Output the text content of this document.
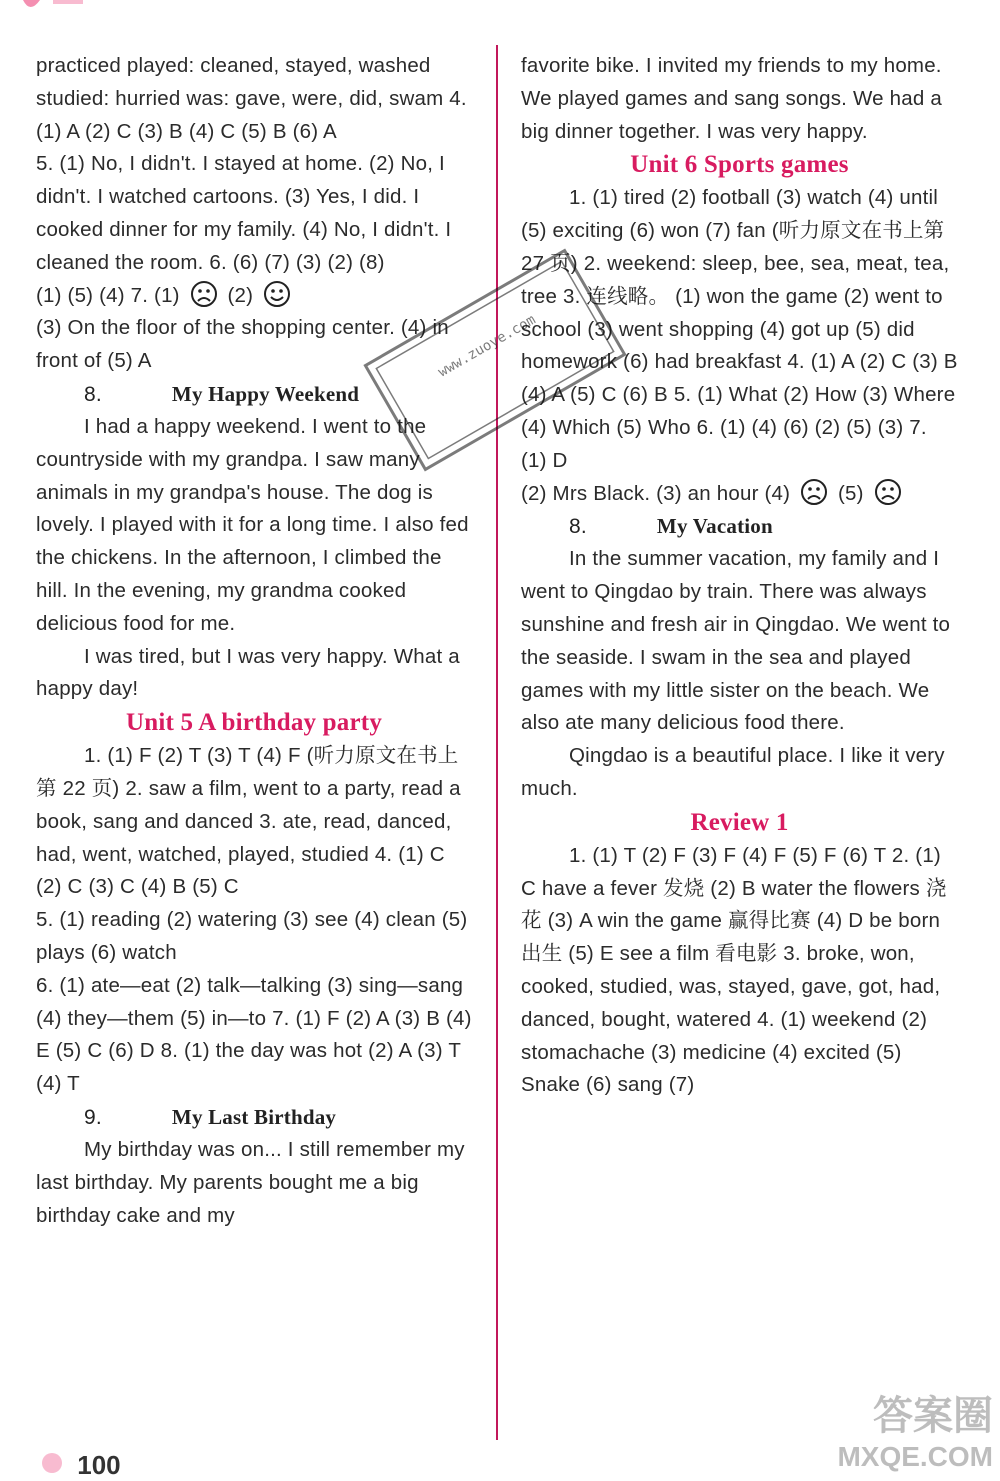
practiced played: cleaned, stayed, washed studied: hurried was: gave, were, did, swam 4. (1) A (2) C (3) B (4) C (5) B (6) A

5. (1) No, I didn't. I stayed at home. (2) No, I didn't. I watched cartoons. (3) Yes, I did. I cooked dinner for my family. (4) No, I didn't. I cleaned the room. 6. (6) (7) (3) (2) (8)

(1) (5) (4) 7. (1) (2)

(3) On the floor of the shopping center. (4) in front of (5) A

8.	My Happy Weekend

I had a happy weekend. I went to the countryside with my grandpa. I saw many animals in my grandpa's house. The dog is lovely. I played with it for a long time. I also fed the chickens. In the afternoon, I climbed the hill. In the evening, my grandma cooked delicious food for me.

I was tired, but I was very happy. What a happy day!

Unit 5 A birthday party

1. (1) F (2) T (3) T (4) F (听力原文在书上第 22 页) 2. saw a film, went to a party, read a book, sang and danced 3. ate, read, danced, had, went, watched, played, studied 4. (1) C (2) C (3) C (4) B (5) C

5. (1) reading (2) watering (3) see (4) clean (5) plays (6) watch

6. (1) ate—eat (2) talk—talking (3) sing—sang (4) they—them (5) in—to 7. (1) F (2) A (3) B (4) E (5) C (6) D 8. (1) the day was hot (2) A (3) T (4) T

9.	My Last Birthday

My birthday was on... I still remember my last birthday. My parents bought me a big birthday cake and my

favorite bike. I invited my friends to my home. We played games and sang songs. We had a big dinner together. I was very happy.

Unit 6 Sports games

1. (1) tired (2) football (3) watch (4) until (5) exciting (6) won (7) fan (听力原文在书上第 27 页) 2. weekend: sleep, bee, sea, meat, tea, tree 3. 连线略。 (1) won the game (2) went to school (3) went shopping (4) got up (5) did homework (6) had breakfast 4. (1) A (2) C (3) B (4) A (5) C (6) B 5. (1) What (2) How (3) Where (4) Which (5) Who 6. (1) (4) (6) (2) (5) (3) 7. (1) D

(2) Mrs Black. (3) an hour (4) (5)

8.	My Vacation

In the summer vacation, my family and I went to Qingdao by train. There was always sunshine and fresh air in Qingdao. We went to the seaside. I swam in the sea and played games with my little sister on the beach. We also ate many delicious food there.

Qingdao is a beautiful place. I like it very much.

Review 1

1. (1) T (2) F (3) F (4) F (5) F (6) T 2. (1) C have a fever 发烧 (2) B water the flowers 浇花 (3) A win the game 赢得比赛 (4) D be born 出生 (5) E see a film 看电影 3. broke, won, cooked, studied, was, stayed, gave, got, had, danced, bought, watered 4. (1) weekend (2) stomachache (3) medicine (4) excited (5) Snake (6) sang (7)

www.zuoye.com
100
答案圈
MXQE.COM
